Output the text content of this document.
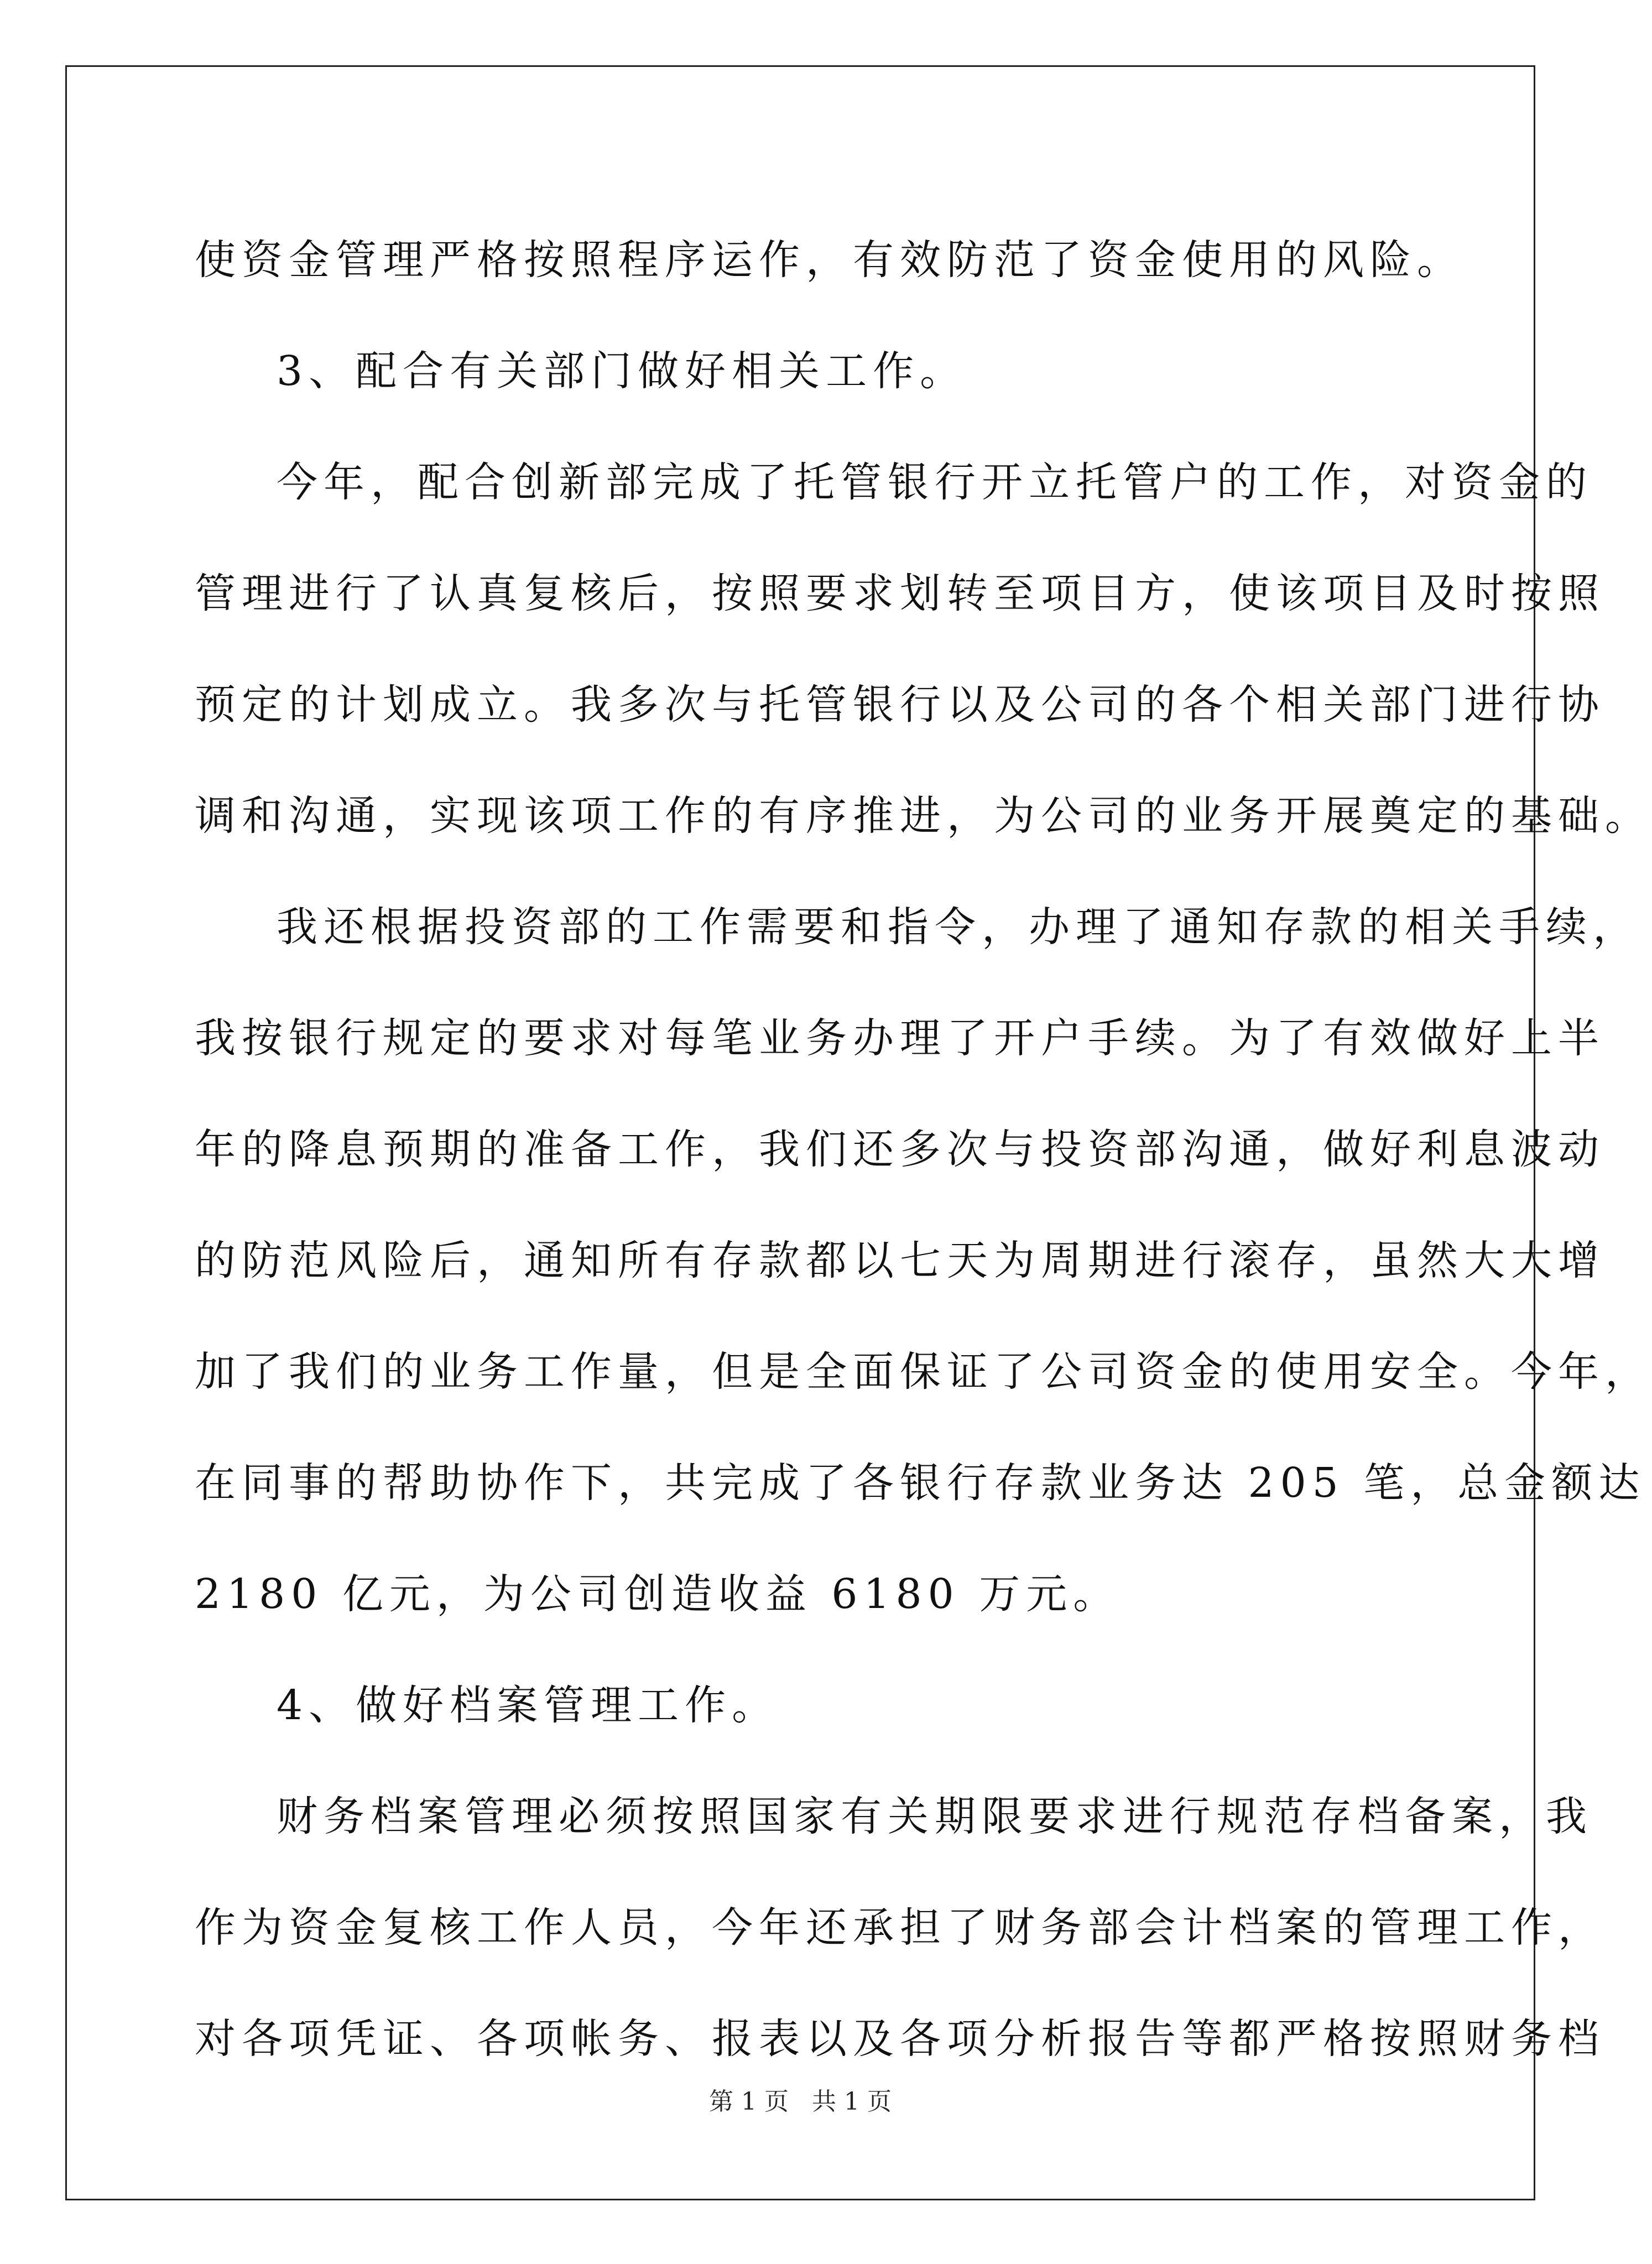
使资金管理严格按照程序运作，有效防范了资金使用的风险。
3、配合有关部门做好相关工作。
今年，配合创新部完成了托管银行开立托管户的工作，对资金的
管理进行了认真复核后，按照要求划转至项目方，使该项目及时按照
预定的计划成立。我多次与托管银行以及公司的各个相关部门进行协
调和沟通，实现该项工作的有序推进，为公司的业务开展奠定的基础。
我还根据投资部的工作需要和指令，办理了通知存款的相关手续，
我按银行规定的要求对每笔业务办理了开户手续。为了有效做好上半
年的降息预期的准备工作，我们还多次与投资部沟通，做好利息波动
的防范风险后，通知所有存款都以七天为周期进行滚存，虽然大大增
加了我们的业务工作量，但是全面保证了公司资金的使用安全。今年，
在同事的帮助协作下，共完成了各银行存款业务达 205 笔，总金额达
2180 亿元，为公司创造收益 6180 万元。
4、做好档案管理工作。
财务档案管理必须按照国家有关期限要求进行规范存档备案，我
作为资金复核工作人员，今年还承担了财务部会计档案的管理工作，
对各项凭证、各项帐务、报表以及各项分析报告等都严格按照财务档
第 1 页   共 1 页
